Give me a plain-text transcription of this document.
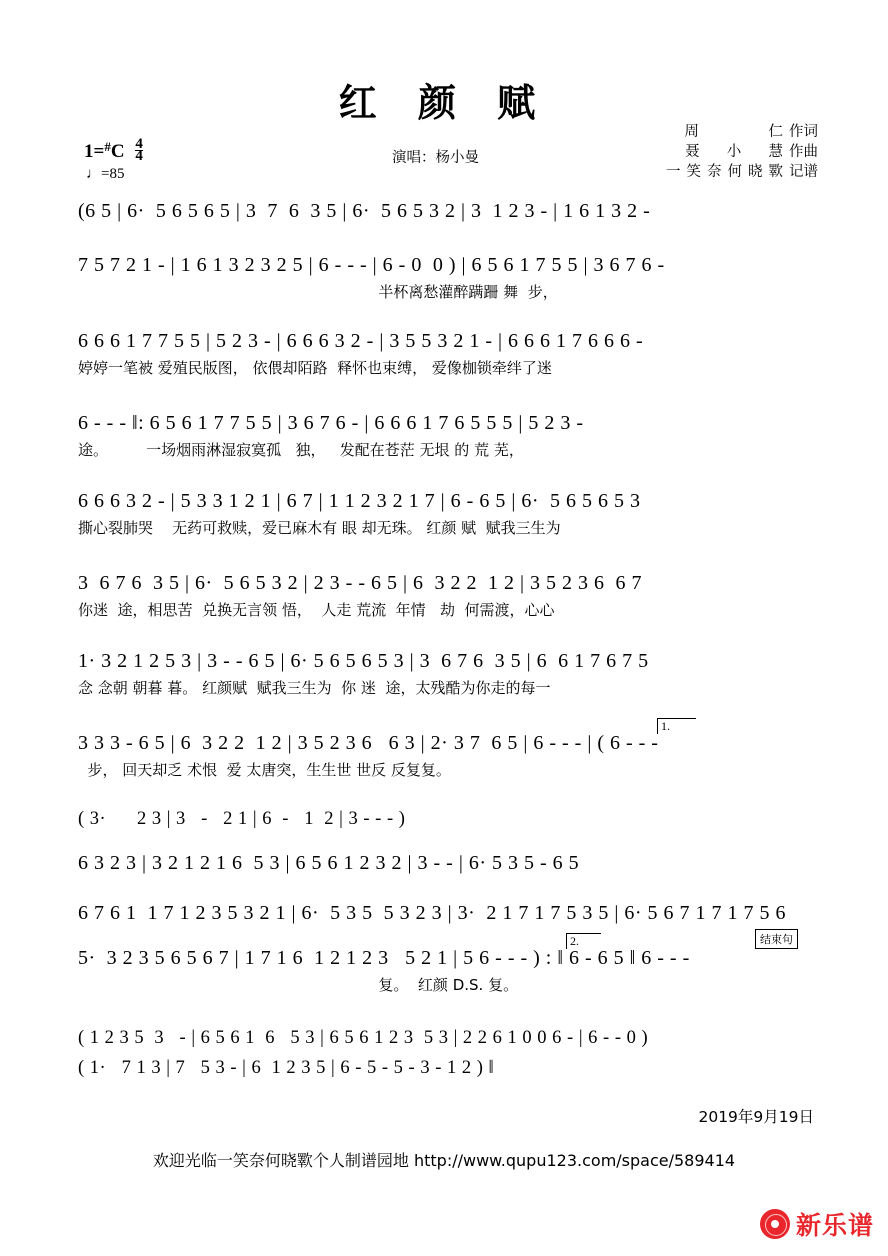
红 颜 赋
周      仁 作词
聂  小  慧 作曲
一笑奈何晓歝 记谱
$1=^{\#}C \frac{4}{4}$
♩=85
演唱：杨小曼
(6 5 | 6·  5 6 5 6 5 | 3  7  6  3 5 | 6·  5 6 5 3 2 | 3  1 2 3 - | 1 6 1 3 2 -
7 5 7 2 1 - | 1 6 1 3 2 3 2 5 | 6 - - - | 6 - 0  0 ) | 6 5 6 1 7 5 5 | 3 6 7 6 -
半杯离愁灌醉蹒跚 舞  步，
6 6 6 1 7 7 5 5 | 5 2 3 - | 6 6 6 3 2 - | 3 5 5 3 2 1 - | 6 6 6 1 7 6 6 6 -
婷婷一笔被 爱殖民版图， 依偎却陌路  释怀也束缚， 爱像枷锁牵绊了迷
6 - - - ‖: 6 5 6 1 7 7 5 5 | 3 6 7 6 - | 6 6 6 1 7 6 5 5 5 | 5 2 3 -
途。        一场烟雨淋湿寂寞孤   独，   发配在苍茫 无垠 的 荒 芜，
6 6 6 3 2 - | 5 3 3 1 2 1 | 6 7 | 1 1 2 3 2 1 7 | 6 - 6 5 | 6·  5 6 5 6 5 3
撕心裂肺哭    无药可救赎，爱已麻木有 眼 却无珠。 红颜 赋  赋我三生为
3  6 7 6  3 5 | 6·  5 6 5 3 2 | 2 3 - - 6 5 | 6  3 2 2  1 2 | 3 5 2 3 6  6 7
你迷  途，相思苦  兑换无言领 悟，  人走 荒流  年情   劫  何需渡，心心
1· 3 2 1 2 5 3 | 3 - - 6 5 | 6· 5 6 5 6 5 3 | 3  6 7 6  3 5 | 6  6 1 7 6 7 5
念 念朝 朝暮 暮。 红颜赋  赋我三生为  你 迷  途，太残酷为你走的每一
1.
3 3 3 - 6 5 | 6  3 2 2  1 2 | 3 5 2 3 6   6 3 | 2· 3 7  6 5 | 6 - - - | ( 6 - - -
步， 回天却乏 术恨  爱 太唐突，生生世 世反 反复复。
( 3·      2 3 | 3   -   2 1 | 6  -   1  2 | 3 - - - )
6 3 2 3 | 3 2 1 2 1 6  5 3 | 6 5 6 1 2 3 2 | 3 - - | 6· 5 3 5 - 6 5
6 7 6 1  1 7 1 2 3 5 3 2 1 | 6·  5 3 5  5 3 2 3 | 3·  2 1 7 1 7 5 3 5 | 6· 5 6 7 1 7 1 7 5 6
2.	结束句
5·  3 2 3 5 6 5 6 7 | 1 7 1 6  1 2 1 2 3   5 2 1 | 5 6 - - - ) : ‖ 6 - 6 5 ‖ 6 - - -
复。  红颜 D.S. 复。
( 1 2 3 5  3   - | 6 5 6 1  6   5 3 | 6 5 6 1 2 3  5 3 | 2 2 6 1 0 0 6 - | 6 - - 0 )
( 1·   7 1 3 | 7   5 3 - | 6  1 2 3 5 | 6 - 5 - 5 - 3 - 1 2 ) ‖
2019年9月19日
欢迎光临一笑奈何晓歝个人制谱园地 http://www.qupu123.com/space/589414
新乐谱
